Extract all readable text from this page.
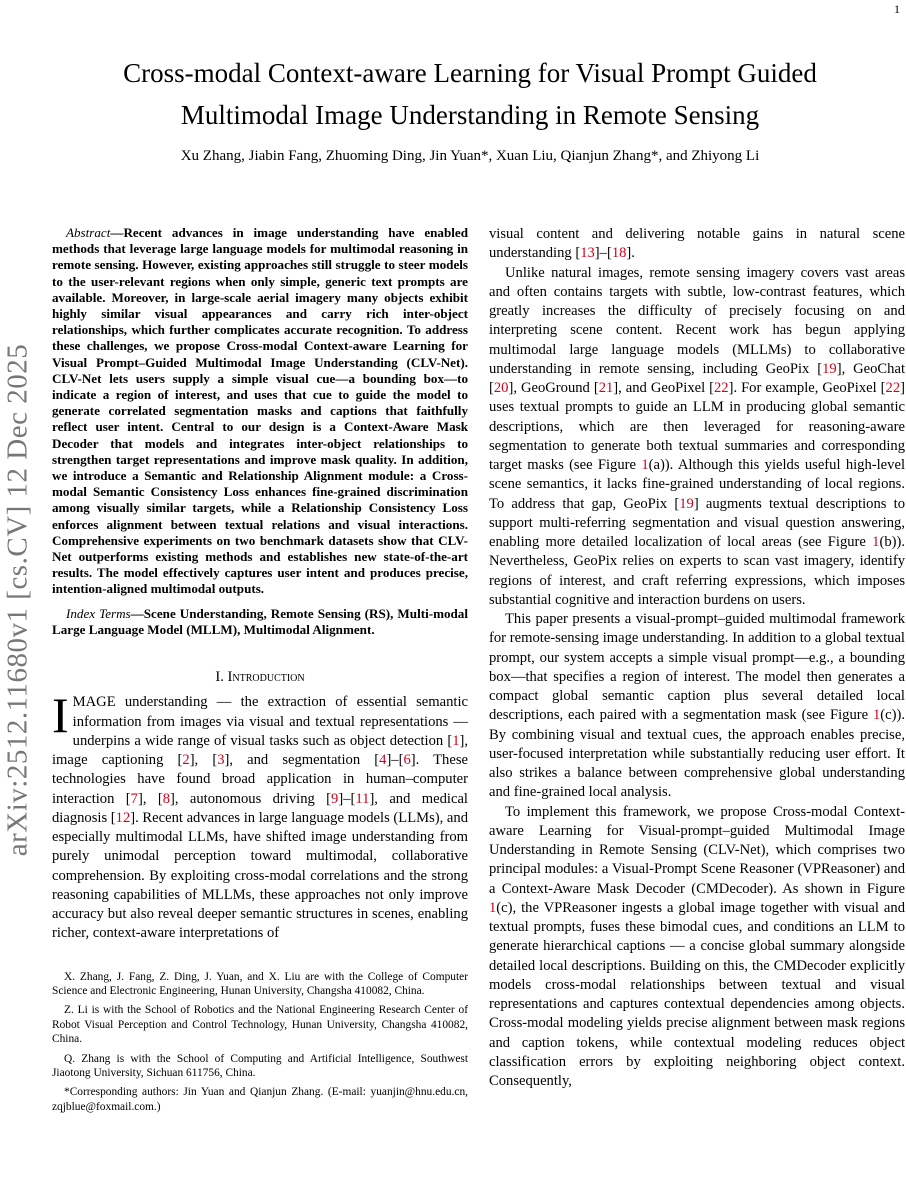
1
arXiv:2512.11680v1 [cs.CV] 12 Dec 2025
Cross-modal Context-aware Learning for Visual Prompt Guided Multimodal Image Understanding in Remote Sensing
Xu Zhang, Jiabin Fang, Zhuoming Ding, Jin Yuan*, Xuan Liu, Qianjun Zhang*, and Zhiyong Li

Abstract—Recent advances in image understanding have enabled methods that leverage large language models for multimodal reasoning in remote sensing. However, existing approaches still struggle to steer models to the user-relevant regions when only simple, generic text prompts are available. Moreover, in large-scale aerial imagery many objects exhibit highly similar visual appearances and carry rich inter-object relationships, which further complicates accurate recognition. To address these challenges, we propose Cross-modal Context-aware Learning for Visual Prompt–Guided Multimodal Image Understanding (CLV-Net). CLV-Net lets users supply a simple visual cue—a bounding box—to indicate a region of interest, and uses that cue to guide the model to generate correlated segmentation masks and captions that faithfully reflect user intent. Central to our design is a Context-Aware Mask Decoder that models and integrates inter-object relationships to strengthen target representations and improve mask quality. In addition, we introduce a Semantic and Relationship Alignment module: a Cross-modal Semantic Consistency Loss enhances fine-grained discrimination among visually similar targets, while a Relationship Consistency Loss enforces alignment between textual relations and visual interactions. Comprehensive experiments on two benchmark datasets show that CLV-Net outperforms existing methods and establishes new state-of-the-art results. The model effectively captures user intent and produces precise, intention-aligned multimodal outputs.

Index Terms—Scene Understanding, Remote Sensing (RS), Multi-modal Large Language Model (MLLM), Multimodal Alignment.

I. Introduction

IMAGE understanding — the extraction of essential semantic information from images via visual and textual representations — underpins a wide range of visual tasks such as object detection [1], image captioning [2], [3], and segmentation [4]–[6]. These technologies have found broad application in human–computer interaction [7], [8], autonomous driving [9]–[11], and medical diagnosis [12]. Recent advances in large language models (LLMs), and especially multimodal LLMs, have shifted image understanding from purely unimodal perception toward multimodal, collaborative comprehension. By exploiting cross-modal correlations and the strong reasoning capabilities of MLLMs, these approaches not only improve accuracy but also reveal deeper semantic structures in scenes, enabling richer, context-aware interpretations of

X. Zhang, J. Fang, Z. Ding, J. Yuan, and X. Liu are with the College of Computer Science and Electronic Engineering, Hunan University, Changsha 410082, China.

Z. Li is with the School of Robotics and the National Engineering Research Center of Robot Visual Perception and Control Technology, Hunan University, Changsha 410082, China.

Q. Zhang is with the School of Computing and Artificial Intelligence, Southwest Jiaotong University, Sichuan 611756, China.

*Corresponding authors: Jin Yuan and Qianjun Zhang. (E-mail: yuanjin@hnu.edu.cn, zqjblue@foxmail.com.)

visual content and delivering notable gains in natural scene understanding [13]–[18].

Unlike natural images, remote sensing imagery covers vast areas and often contains targets with subtle, low-contrast features, which greatly increases the difficulty of precisely focusing on and interpreting scene content. Recent work has begun applying multimodal large language models (MLLMs) to collaborative understanding in remote sensing, including GeoPix [19], GeoChat [20], GeoGround [21], and GeoPixel [22]. For example, GeoPixel [22] uses textual prompts to guide an LLM in producing global semantic descriptions, which are then leveraged for reasoning-aware segmentation to generate both textual summaries and corresponding target masks (see Figure 1(a)). Although this yields useful high-level scene semantics, it lacks fine-grained understanding of local regions. To address that gap, GeoPix [19] augments textual descriptions to support multi-referring segmentation and visual question answering, enabling more detailed localization of local areas (see Figure 1(b)). Nevertheless, GeoPix relies on experts to scan vast imagery, identify regions of interest, and craft referring expressions, which imposes substantial cognitive and interaction burdens on users.

This paper presents a visual-prompt–guided multimodal framework for remote-sensing image understanding. In addition to a global textual prompt, our system accepts a simple visual prompt—e.g., a bounding box—that specifies a region of interest. The model then generates a compact global semantic caption plus several detailed local descriptions, each paired with a segmentation mask (see Figure 1(c)). By combining visual and textual cues, the approach enables precise, user-focused interpretation while substantially reducing user effort. It also strikes a balance between comprehensive global understanding and fine-grained local analysis.

To implement this framework, we propose Cross-modal Context-aware Learning for Visual-prompt–guided Multimodal Image Understanding in Remote Sensing (CLV-Net), which comprises two principal modules: a Visual-Prompt Scene Reasoner (VPReasoner) and a Context-Aware Mask Decoder (CMDecoder). As shown in Figure 1(c), the VPReasoner ingests a global image together with visual and textual prompts, fuses these bimodal cues, and conditions an LLM to generate hierarchical captions — a concise global summary alongside detailed local descriptions. Building on this, the CMDecoder explicitly models cross-modal relationships between textual and visual representations and captures contextual dependencies among objects. Cross-modal modeling yields precise alignment between mask regions and caption tokens, while contextual modeling reduces object classification errors by exploiting neighboring object context. Consequently,
